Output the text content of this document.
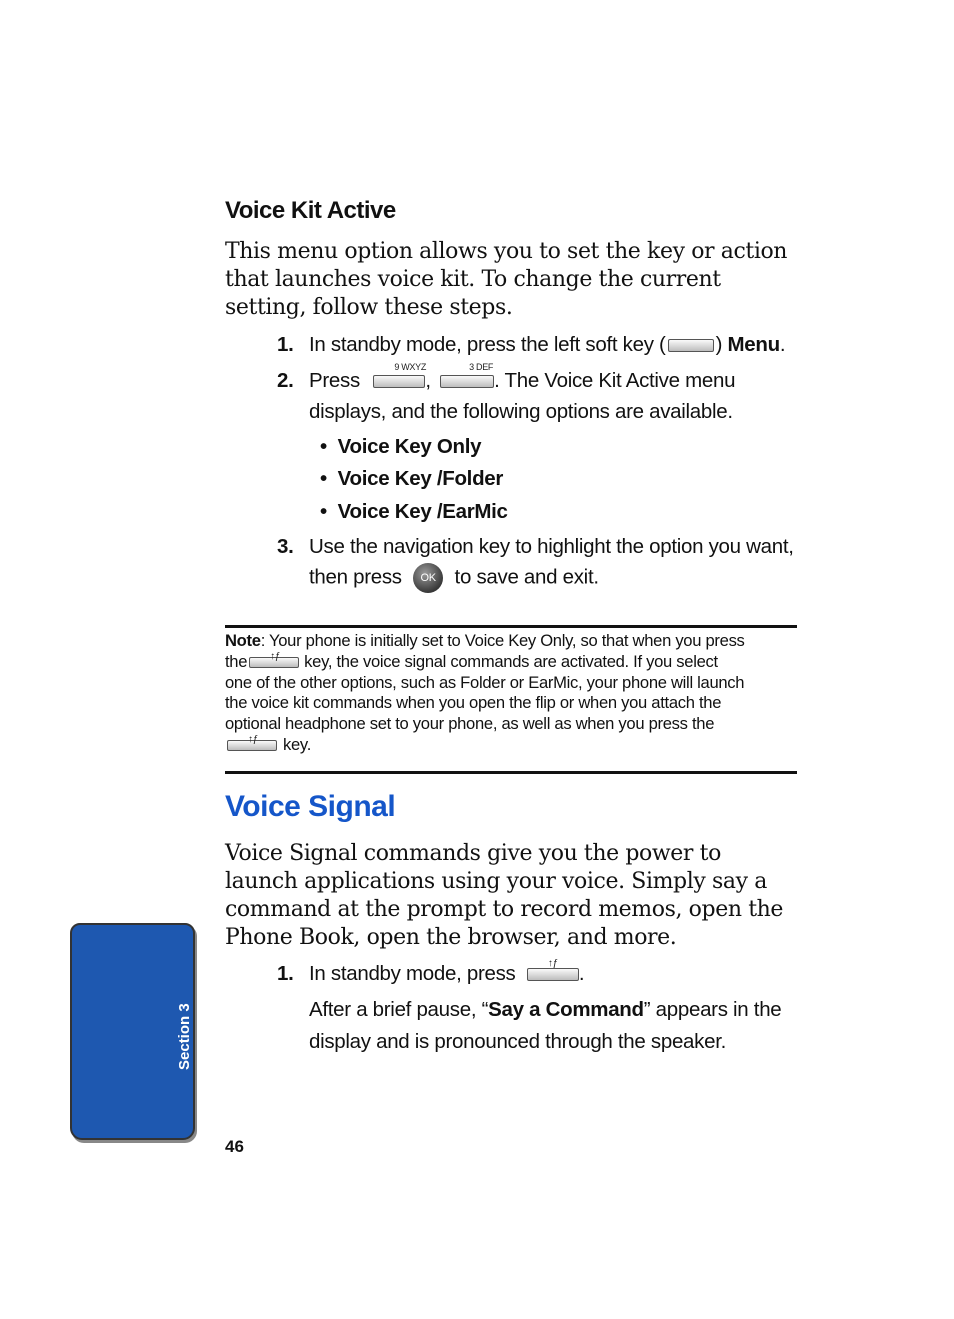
Voice Kit Active
This menu option allows you to set the key or action that launches voice kit. To change the current setting, follow these steps.
1. In standby mode, press the left soft key ( ) Menu.
2. Press
9 WXYZ
,
3 DEF
. The Voice Kit Active menu
displays, and the following options are available.
•  Voice Key Only
•  Voice Key /Folder
•  Voice Key /EarMic
3. Use the navigation key to highlight the option you want,
then press OK to save and exit.
Note: Your phone is initially set to Voice Key Only, so that when you press
the ↑ƒ key, the voice signal commands are activated. If you select
one of the other options, such as Folder or EarMic, your phone will launch
the voice kit commands when you open the flip or when you attach the
optional headphone set to your phone, as well as when you press the
↑ƒ key.
Voice Signal
Voice Signal commands give you the power to launch applications using your voice. Simply say a command at the prompt to record memos, open the Phone Book, open the browser, and more.
1. In standby mode, press	↑ƒ .
After a brief pause, “Say a Command” appears in the
display and is pronounced through the speaker.
Section 3
46
